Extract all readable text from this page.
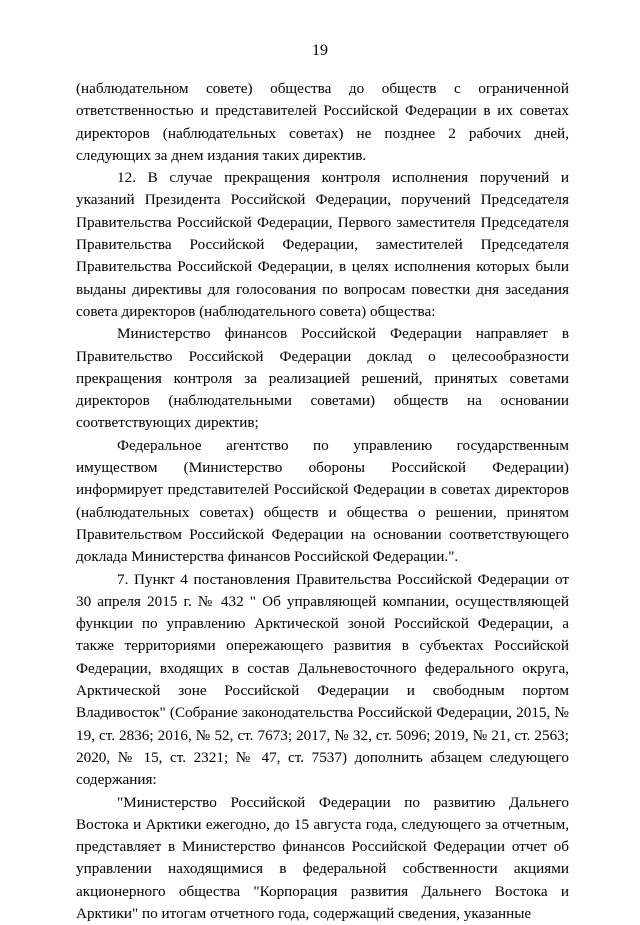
19

(наблюдательном совете) общества до обществ с ограниченной ответственностью и представителей Российской Федерации в их советах директоров (наблюдательных советах) не позднее 2 рабочих дней, следующих за днем издания таких директив.

12. В случае прекращения контроля исполнения поручений и указаний Президента Российской Федерации, поручений Председателя Правительства Российской Федерации, Первого заместителя Председателя Правительства Российской Федерации, заместителей Председателя Правительства Российской Федерации, в целях исполнения которых были выданы директивы для голосования по вопросам повестки дня заседания совета директоров (наблюдательного совета) общества:

Министерство финансов Российской Федерации направляет в Правительство Российской Федерации доклад о целесообразности прекращения контроля за реализацией решений, принятых советами директоров (наблюдательными советами) обществ на основании соответствующих директив;

Федеральное агентство по управлению государственным имуществом (Министерство обороны Российской Федерации) информирует представителей Российской Федерации в советах директоров (наблюдательных советах) обществ и общества о решении, принятом Правительством Российской Федерации на основании соответствующего доклада Министерства финансов Российской Федерации.".

7. Пункт 4 постановления Правительства Российской Федерации от 30 апреля 2015 г. № 432 " Об управляющей компании, осуществляющей функции по управлению Арктической зоной Российской Федерации, а также территориями опережающего развития в субъектах Российской Федерации, входящих в состав Дальневосточного федерального округа, Арктической зоне Российской Федерации и свободным портом Владивосток" (Собрание законодательства Российской Федерации, 2015, № 19, ст. 2836; 2016, № 52, ст. 7673; 2017, № 32, ст. 5096; 2019, № 21, ст. 2563; 2020, № 15, ст. 2321; № 47, ст. 7537) дополнить абзацем следующего содержания:

"Министерство Российской Федерации по развитию Дальнего Востока и Арктики ежегодно, до 15 августа года, следующего за отчетным, представляет в Министерство финансов Российской Федерации отчет об управлении находящимися в федеральной собственности акциями акционерного общества "Корпорация развития Дальнего Востока и Арктики" по итогам отчетного года, содержащий сведения, указанные
